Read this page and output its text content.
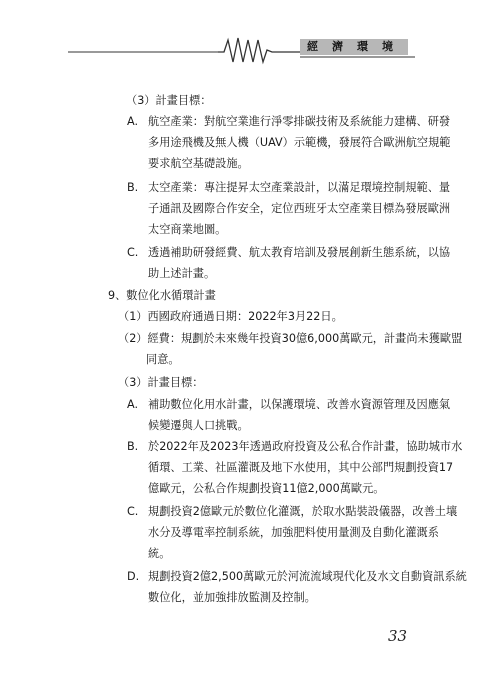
經濟環境
（3）計畫目標：
A. 航空產業：對航空業進行淨零排碳技術及系統能力建構、研發
多用途飛機及無人機（UAV）示範機，發展符合歐洲航空規範
要求航空基礎設施。
B. 太空產業：專注提昇太空產業設計，以滿足環境控制規範、量
子通訊及國際合作安全，定位西班牙太空產業目標為發展歐洲
太空商業地圖。
C. 透過補助研發經費、航太教育培訓及發展創新生態系統，以協
助上述計畫。
9、數位化水循環計畫
（1）西國政府通過日期：2022年3月22日。
（2）經費：規劃於未來幾年投資30億6,000萬歐元，計畫尚未獲歐盟
同意。
（3）計畫目標：
A. 補助數位化用水計畫，以保護環境、改善水資源管理及因應氣
候變遷與人口挑戰。
B. 於2022年及2023年透過政府投資及公私合作計畫，協助城市水
循環、工業、社區灌溉及地下水使用，其中公部門規劃投資17
億歐元，公私合作規劃投資11億2,000萬歐元。
C. 規劃投資2億歐元於數位化灌溉，於取水點裝設儀器，改善土壤
水分及導電率控制系統，加強肥料使用量測及自動化灌溉系
統。
D. 規劃投資2億2,500萬歐元於河流流域現代化及水文自動資訊系統
數位化，並加強排放監測及控制。
33
